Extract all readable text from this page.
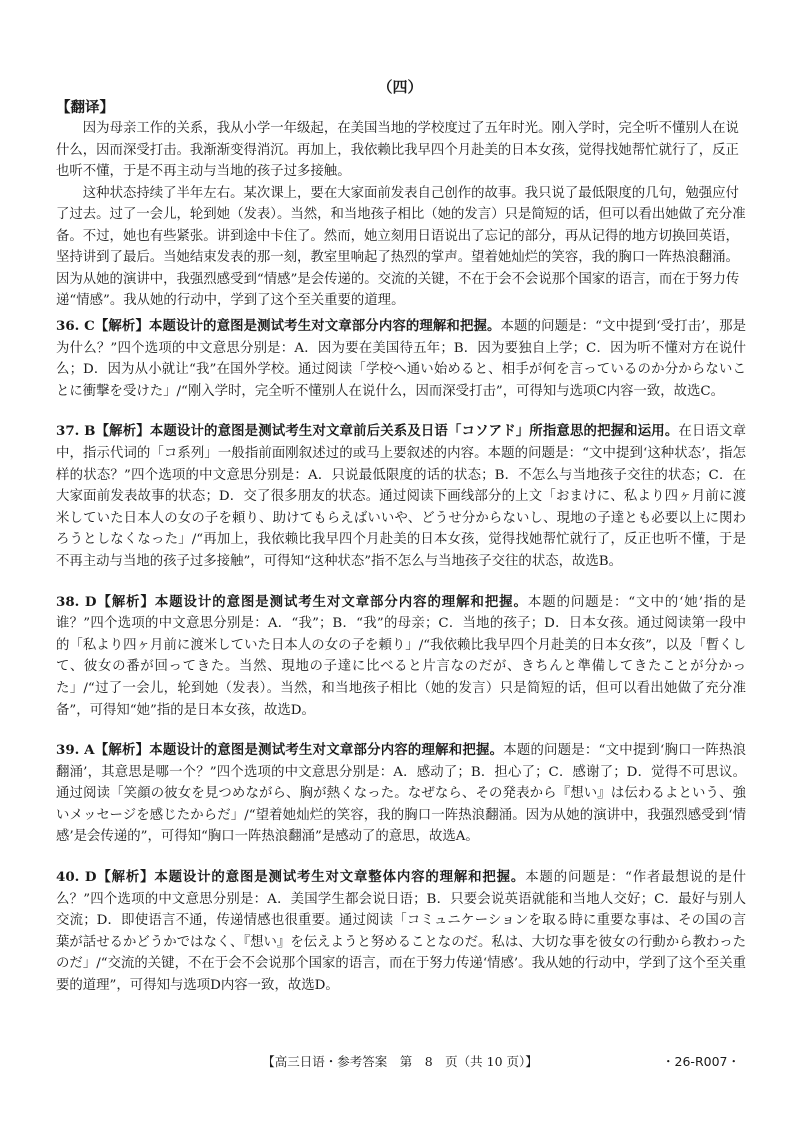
（四）
【翻译】

因为母亲工作的关系，我从小学一年级起，在美国当地的学校度过了五年时光。刚入学时，完全听不懂别人在说什么，因而深受打击。我渐渐变得消沉。再加上，我依赖比我早四个月赴美的日本女孩，觉得找她帮忙就行了，反正也听不懂，于是不再主动与当地的孩子过多接触。

这种状态持续了半年左右。某次课上，要在大家面前发表自己创作的故事。我只说了最低限度的几句，勉强应付了过去。过了一会儿，轮到她（发表）。当然，和当地孩子相比（她的发言）只是简短的话，但可以看出她做了充分准备。不过，她也有些紧张。讲到途中卡住了。然而，她立刻用日语说出了忘记的部分，再从记得的地方切换回英语，坚持讲到了最后。当她结束发表的那一刻，教室里响起了热烈的掌声。望着她灿烂的笑容，我的胸口一阵热浪翻涌。因为从她的演讲中，我强烈感受到“情感”是会传递的。交流的关键，不在于会不会说那个国家的语言，而在于努力传递“情感”。我从她的行动中，学到了这个至关重要的道理。

36. C【解析】本题设计的意图是测试考生对文章部分内容的理解和把握。本题的问题是：“文中提到‘受打击’，那是为什么？”四个选项的中文意思分别是：A．因为要在美国待五年；B．因为要独自上学；C．因为听不懂对方在说什么；D．因为从小就让“我”在国外学校。通过阅读「学校へ通い始めると、相手が何を言っているのか分からないことに衝撃を受けた」/“刚入学时，完全听不懂别人在说什么，因而深受打击”，可得知与选项C内容一致，故选C。
37. B【解析】本题设计的意图是测试考生对文章前后关系及日语「コソアド」所指意思的把握和运用。在日语文章中，指示代词的「コ系列」一般指前面刚叙述过的或马上要叙述的内容。本题的问题是：“文中提到‘这种状态’，指怎样的状态？”四个选项的中文意思分别是：A．只说最低限度的话的状态；B．不怎么与当地孩子交往的状态；C．在大家面前发表故事的状态；D．交了很多朋友的状态。通过阅读下画线部分的上文「おまけに、私より四ヶ月前に渡米していた日本人の女の子を頼り、助けてもらえばいいや、どうせ分からないし、現地の子達とも必要以上に関わろうとしなくなった」/“再加上，我依赖比我早四个月赴美的日本女孩，觉得找她帮忙就行了，反正也听不懂，于是不再主动与当地的孩子过多接触”，可得知“这种状态”指不怎么与当地孩子交往的状态，故选B。
38. D【解析】本题设计的意图是测试考生对文章部分内容的理解和把握。本题的问题是：“文中的‘她’指的是谁？”四个选项的中文意思分别是：A．“我”；B．“我”的母亲；C．当地的孩子；D．日本女孩。通过阅读第一段中的「私より四ヶ月前に渡米していた日本人の女の子を頼り」/“我依赖比我早四个月赴美的日本女孩”，以及「暫くして、彼女の番が回ってきた。当然、現地の子達に比べると片言なのだが、きちんと準備してきたことが分かった」/“过了一会儿，轮到她（发表）。当然，和当地孩子相比（她的发言）只是简短的话，但可以看出她做了充分准备”，可得知“她”指的是日本女孩，故选D。
39. A【解析】本题设计的意图是测试考生对文章部分内容的理解和把握。本题的问题是：“文中提到‘胸口一阵热浪翻涌’，其意思是哪一个？”四个选项的中文意思分别是：A．感动了；B．担心了；C．感谢了；D．觉得不可思议。通过阅读「笑顔の彼女を見つめながら、胸が熱くなった。なぜなら、その発表から『想い』は伝わるよという、強いメッセージを感じたからだ」/“望着她灿烂的笑容，我的胸口一阵热浪翻涌。因为从她的演讲中，我强烈感受到‘情感’是会传递的”，可得知“胸口一阵热浪翻涌”是感动了的意思，故选A。
40. D【解析】本题设计的意图是测试考生对文章整体内容的理解和把握。本题的问题是：“作者最想说的是什么？”四个选项的中文意思分别是：A．美国学生都会说日语；B．只要会说英语就能和当地人交好；C．最好与别人交流；D．即使语言不通，传递情感也很重要。通过阅读「コミュニケーションを取る時に重要な事は、その国の言葉が話せるかどうかではなく、『想い』を伝えようと努めることなのだ。私は、大切な事を彼女の行動から教わったのだ」/“交流的关键，不在于会不会说那个国家的语言，而在于努力传递‘情感’。我从她的行动中，学到了这个至关重要的道理”，可得知与选项D内容一致，故选D。
【高三日语・参考答案　第　8　页（共 10 页）】	・26-R007・
